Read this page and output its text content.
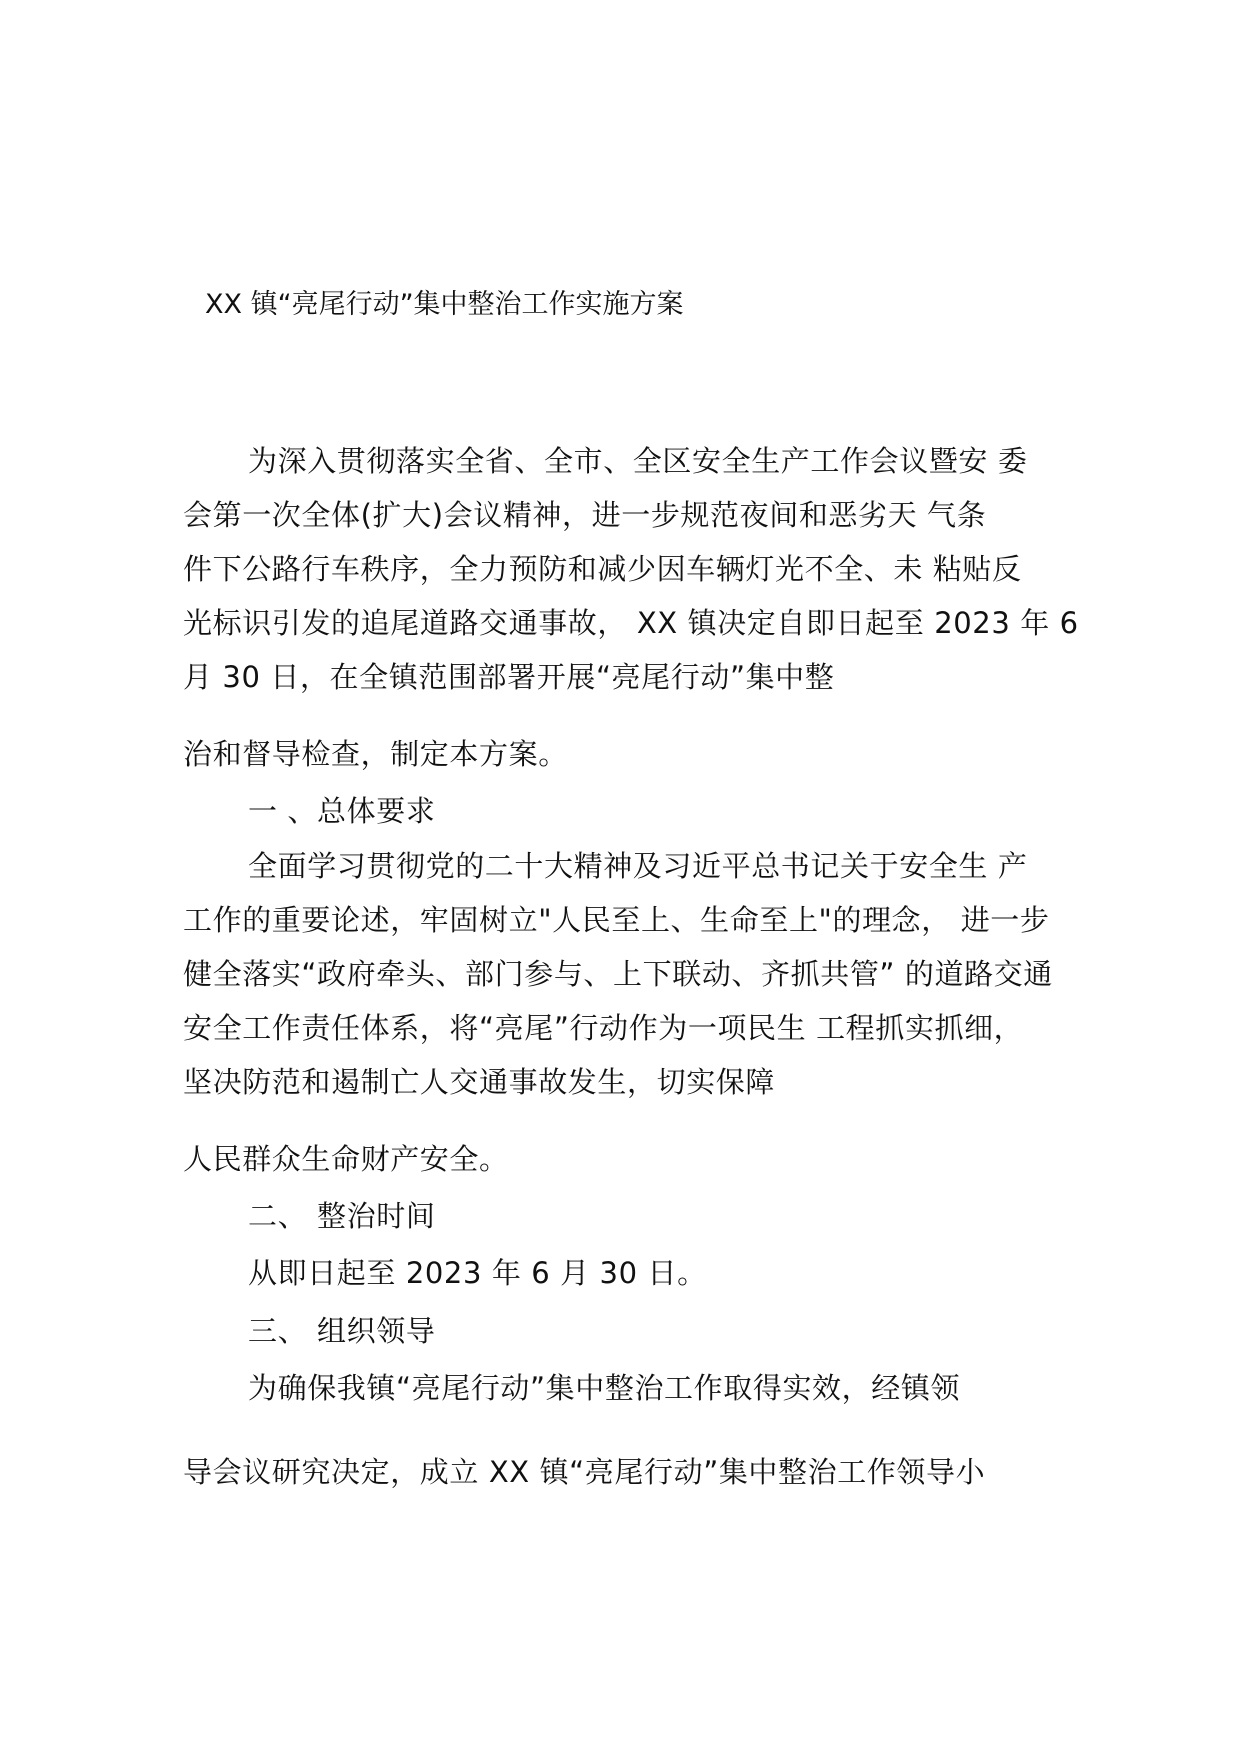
XX 镇“亮尾行动”集中整治工作实施方案

为深入贯彻落实全省、全市、全区安全生产工作会议暨安 委

会第一次全体(扩大)会议精神，进一步规范夜间和恶劣天 气条

件下公路行车秩序，全力预防和减少因车辆灯光不全、未 粘贴反

光标识引发的追尾道路交通事故， XX 镇决定自即日起至 2023 年 6

月 30 日，在全镇范围部署开展“亮尾行动”集中整

治和督导检查，制定本方案。

一 、总体要求

全面学习贯彻党的二十大精神及习近平总书记关于安全生 产

工作的重要论述，牢固树立"人民至上、生命至上"的理念， 进一步

健全落实“政府牵头、部门参与、上下联动、齐抓共管” 的道路交通

安全工作责任体系，将“亮尾”行动作为一项民生 工程抓实抓细，

坚决防范和遏制亡人交通事故发生，切实保障

人民群众生命财产安全。

二、 整治时间

从即日起至 2023 年 6 月 30 日。

三、 组织领导

为确保我镇“亮尾行动”集中整治工作取得实效，经镇领

导会议研究决定，成立 XX 镇“亮尾行动”集中整治工作领导小
